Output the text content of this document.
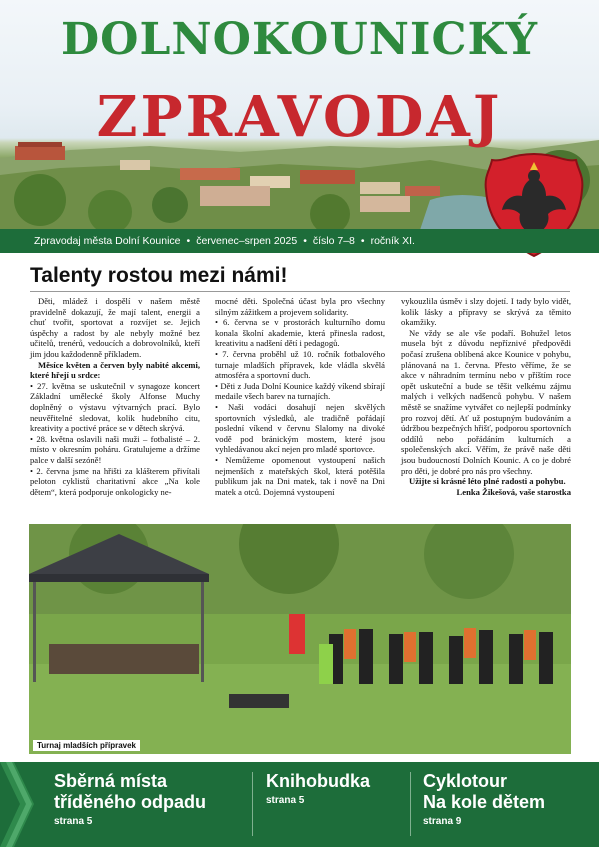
DOLNOKOUNICKÝ
ZPRAVODAJ
Zpravodaj města Dolní Kounice • červenec–srpen 2025 • číslo 7–8 • ročník XI.
Talenty rostou mezi námi!

Děti, mládež i dospělí v našem městě pravidelně dokazují, že mají talent, energii a chuť tvořit, sportovat a rozvíjet se. Jejich úspěchy a radost by ale nebyly možné bez učitelů, trenérů, vedoucích a dobrovolníků, kteří jim jdou každodenně příkladem.

Měsíce květen a červen byly nabité akcemi, které hřejí u srdce:

• 27. května se uskutečnil v synagoze koncert Základní umělecké školy Alfonse Muchy doplněný o výstavu výtvarných prací. Bylo neuvěřitelné sledovat, kolik hudebního citu, kreativity a poctivé práce se v dětech skrývá.

• 28. května oslavili naši muži – fotbalisté – 2. místo v okresním poháru. Gratulujeme a držíme palce v další sezóně!

• 2. června jsme na hřišti za klášterem přivítali peloton cyklistů charitativní akce „Na kole dětem“, která podporuje onkologicky ne-

mocné děti. Společná účast byla pro všechny silným zážitkem a projevem solidarity.

• 6. června se v prostorách kulturního domu konala školní akademie, která přinesla radost, kreativitu a nadšení dětí i pedagogů.

• 7. června proběhl už 10. ročník fotbalového turnaje mladších přípravek, kde vládla skvělá atmosféra a sportovní duch.

• Děti z Juda Dolní Kounice každý víkend sbírají medaile všech barev na turnajích.

• Naši vodáci dosahují nejen skvělých sportovních výsledků, ale tradičně pořádají poslední víkend v červnu Slalomy na divoké vodě pod bránickým mostem, které jsou vyhledávanou akcí nejen pro mladé sportovce.

• Nemůžeme opomenout vystoupení našich nejmenších z mateřských škol, která potěšila publikum jak na Dni matek, tak i nově na Dni matek a otců. Dojemná vystoupení

vykouzlila úsměv i slzy dojetí. I tady bylo vidět, kolik lásky a přípravy se skrývá za těmito okamžiky.

Ne vždy se ale vše podaří. Bohužel letos musela být z důvodu nepříznivé předpovědi počasí zrušena oblíbená akce Kounice v pohybu, plánovaná na 1. června. Přesto věříme, že se akce v náhradním termínu nebo v příštím roce opět uskuteční a bude se těšit velkému zájmu malých i velkých nadšenců pohybu. V našem městě se snažíme vytvářet co nejlepší podmínky pro rozvoj dětí. Ať už postupným budováním a údržbou bezpečných hřišť, podporou sportovních oddílů nebo pořádáním kulturních a společenských akcí. Věřím, že právě naše děti jsou budoucností Dolních Kounic. A co je dobré pro děti, je dobré pro nás pro všechny.

Užijte si krásné léto plné radosti a pohybu.

Lenka Žikešová, vaše starostka

Turnaj mladších přípravek
Sběrná místa
tříděného odpadu
strana 5
Knihobudka
strana 5
Cyklotour
Na kole dětem
strana 9
